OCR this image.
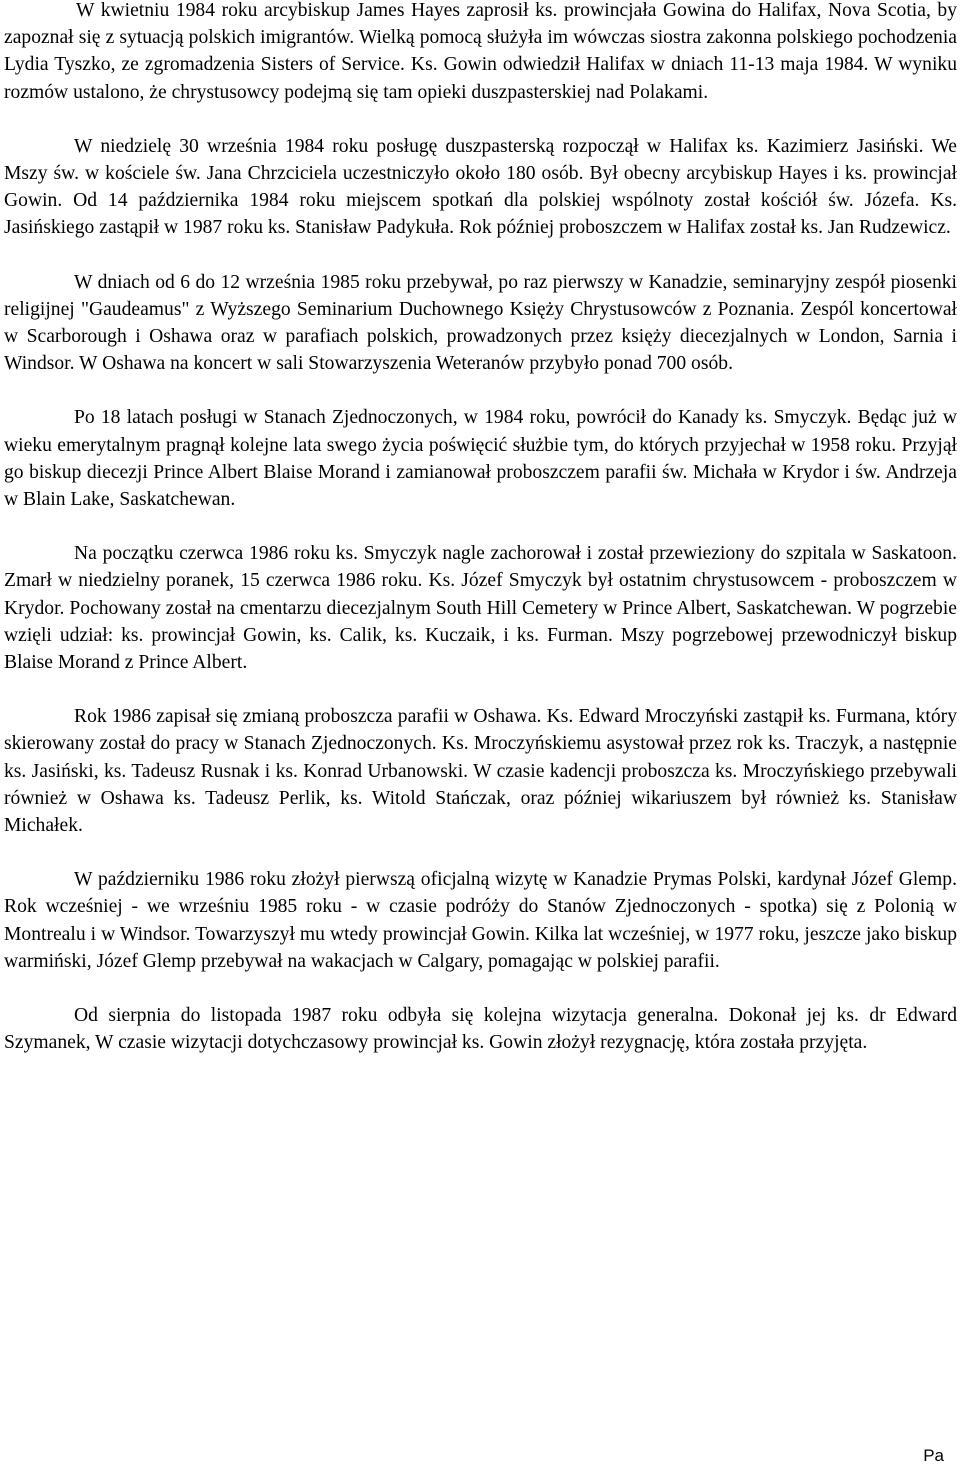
W kwietniu 1984 roku arcybiskup James Hayes zaprosił ks. prowincjała Gowina do Halifax, Nova Scotia, by zapoznał się z sytuacją polskich imigrantów. Wielką pomocą służyła im wówczas siostra zakonna polskiego pochodzenia Lydia Tyszko, ze zgromadzenia Sisters of Service. Ks. Gowin odwiedził Halifax w dniach 11-13 maja 1984. W wyniku rozmów ustalono, że chrystusowcy podejmą się tam opieki duszpasterskiej nad Polakami.

W niedzielę 30 września 1984 roku posługę duszpasterską rozpoczął w Halifax ks. Kazimierz Jasiński. We Mszy św. w kościele św. Jana Chrzciciela uczestniczyło około 180 osób. Był obecny arcybiskup Hayes i ks. prowincjał Gowin. Od 14 października 1984 roku miejscem spotkań dla polskiej wspólnoty został kościół św. Józefa. Ks. Jasińskiego zastąpił w 1987 roku ks. Stanisław Padykuła. Rok później proboszczem w Halifax został ks. Jan Rudzewicz.

W dniach od 6 do 12 września 1985 roku przebywał, po raz pierwszy w Kanadzie, seminaryjny zespół piosenki religijnej "Gaudeamus" z Wyższego Seminarium Duchownego Księży Chrystusowców z Poznania. Zespól koncertował w Scarborough i Oshawa oraz w parafiach polskich, prowadzonych przez księży diecezjalnych w London, Sarnia i Windsor. W Oshawa na koncert w sali Stowarzyszenia Weteranów przybyło ponad 700 osób.

Po 18 latach posługi w Stanach Zjednoczonych, w 1984 roku, powrócił do Kanady ks. Smyczyk. Będąc już w wieku emerytalnym pragnął kolejne lata swego życia poświęcić służbie tym, do których przyjechał w 1958 roku. Przyjął go biskup diecezji Prince Albert Blaise Morand i zamianował proboszczem parafii św. Michała w Krydor i św. Andrzeja w Blain Lake, Saskatchewan.

Na początku czerwca 1986 roku ks. Smyczyk nagle zachorował i został przewieziony do szpitala w Saskatoon. Zmarł w niedzielny poranek, 15 czerwca 1986 roku. Ks. Józef Smyczyk był ostatnim chrystusowcem - proboszczem w Krydor. Pochowany został na cmentarzu diecezjalnym South Hill Cemetery w Prince Albert, Saskatchewan. W pogrzebie wzięli udział: ks. prowincjał Gowin, ks. Calik, ks. Kuczaik, i ks. Furman. Mszy pogrzebowej przewodniczył biskup Blaise Morand z Prince Albert.

Rok 1986 zapisał się zmianą proboszcza parafii w Oshawa. Ks. Edward Mroczyński zastąpił ks. Furmana, który skierowany został do pracy w Stanach Zjednoczonych. Ks. Mroczyńskiemu asystował przez rok ks. Traczyk, a następnie ks. Jasiński, ks. Tadeusz Rusnak i ks. Konrad Urbanowski. W czasie kadencji proboszcza ks. Mroczyńskiego przebywali również w Oshawa ks. Tadeusz Perlik, ks. Witold Stańczak, oraz później wikariuszem był również ks. Stanisław Michałek.

W październiku 1986 roku złożył pierwszą oficjalną wizytę w Kanadzie Prymas Polski, kardynał Józef Glemp. Rok wcześniej - we wrześniu 1985 roku - w czasie podróży do Stanów Zjednoczonych - spotka) się z Polonią w Montrealu i w Windsor. Towarzyszył mu wtedy prowincjał Gowin. Kilka lat wcześniej, w 1977 roku, jeszcze jako biskup warmiński, Józef Glemp przebywał na wakacjach w Calgary, pomagając w polskiej parafii.

Od sierpnia do listopada 1987 roku odbyła się kolejna wizytacja generalna. Dokonał jej ks. dr Edward Szymanek, W czasie wizytacji dotychczasowy prowincjał ks. Gowin złożył rezygnację, która została przyjęta.

Pa
